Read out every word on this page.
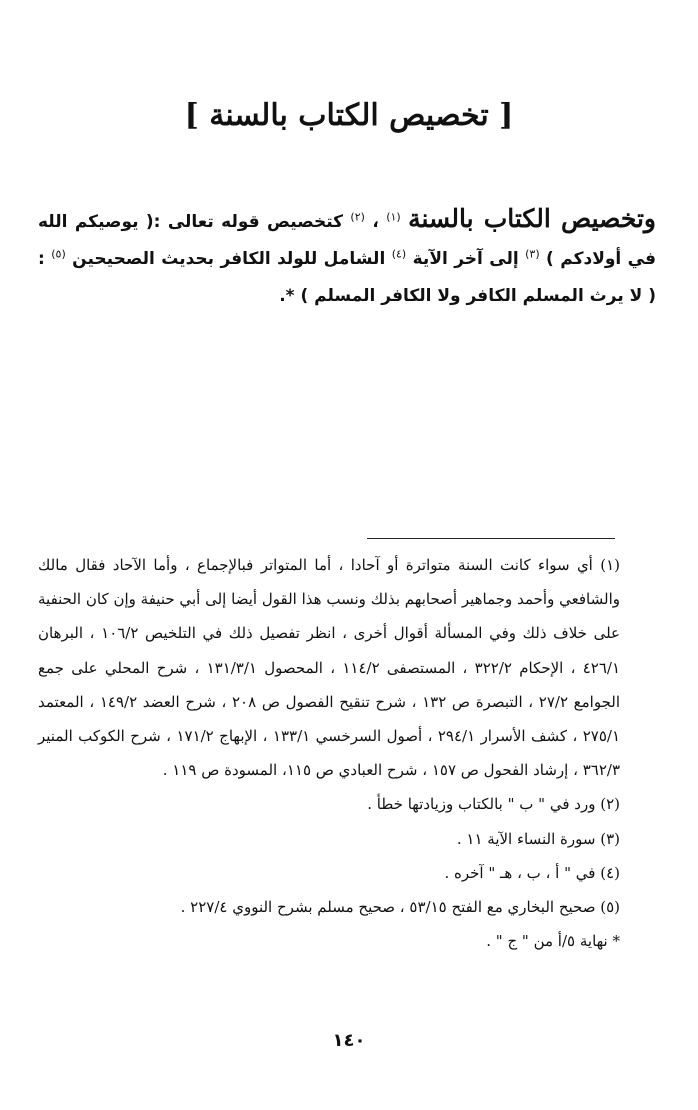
[ تخصيص الكتاب بالسنة ]
وتخصيص الكتاب بالسنة $^{(١)}$ ، $^{(٢)}$ كتخصيص قوله تعالى :( يوصيكم الله في أولادكم ) $^{(٣)}$ إلى آخر الآية $^{(٤)}$ الشامل للولد الكافر بحديث الصحيحين $^{(٥)}$ :( لا يرث المسلم الكافر ولا الكافر المسلم ) *.
(١) أي سواء كانت السنة متواترة أو آحادا ، أما المتواتر فبالإجماع ، وأما الآحاد فقال مالك والشافعي وأحمد وجماهير أصحابهم بذلك ونسب هذا القول أيضا إلى أبي حنيفة وإن كان الحنفية على خلاف ذلك وفي المسألة أقوال أخرى ، انظر تفصيل ذلك في التلخيص ١٠٦/٢ ، البرهان ٤٢٦/١ ، الإحكام ٣٢٢/٢ ، المستصفى ١١٤/٢ ، المحصول ١٣١/٣/١ ، شرح المحلي على جمع الجوامع ٢٧/٢ ، التبصرة ص ١٣٢ ، شرح تنقيح الفصول ص ٢٠٨ ، شرح العضد ١٤٩/٢ ، المعتمد ٢٧٥/١ ، كشف الأسرار ٢٩٤/١ ، أصول السرخسي ١٣٣/١ ، الإبهاج ١٧١/٢ ، شرح الكوكب المنير ٣٦٢/٣ ، إرشاد الفحول ص ١٥٧ ، شرح العبادي ص ١١٥، المسودة ص ١١٩ .
(٢) ورد في " ب " بالكتاب وزيادتها خطأ .
(٣) سورة النساء الآية ١١ .
(٤) في " أ ، ب ، هـ " آخره .
(٥) صحيح البخاري مع الفتح ٥٣/١٥ ، صحيح مسلم بشرح النووي ٢٢٧/٤ .
* نهاية ٥/أ من " ج " .
١٤٠
